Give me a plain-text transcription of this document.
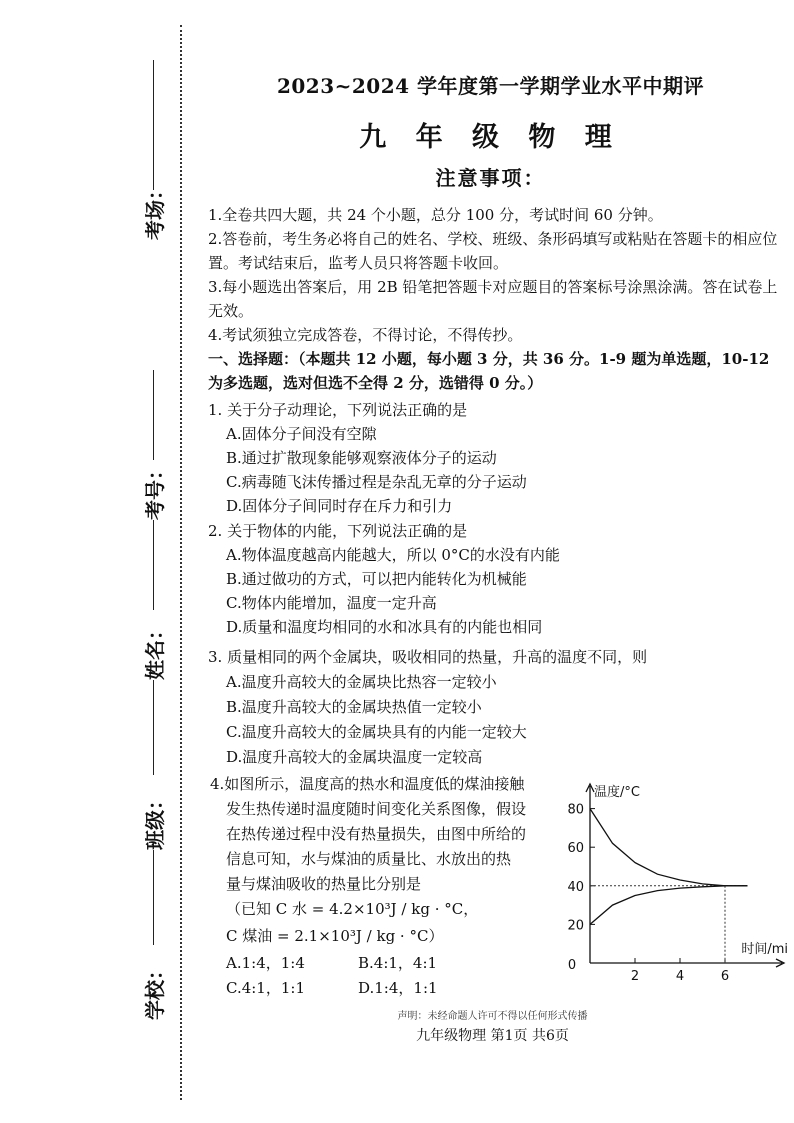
考场：
考号：
姓名：
班级：
学校：
2023~2024 学年度第一学期学业水平中期评
九 年 级 物 理
注意事项：
1.全卷共四大题，共 24 个小题，总分 100 分，考试时间 60 分钟。
2.答卷前，考生务必将自己的姓名、学校、班级、条形码填写或粘贴在答题卡的相应位置。考试结束后，监考人员只将答题卡收回。
3.每小题选出答案后，用 2B 铅笔把答题卡对应题目的答案标号涂黑涂满。答在试卷上无效。
4.考试须独立完成答卷，不得讨论，不得传抄。
一、选择题：（本题共 12 小题，每小题 3 分，共 36 分。1-9 题为单选题，10-12 为多选题，选对但选不全得 2 分，选错得 0 分。）
1. 关于分子动理论，下列说法正确的是
A.固体分子间没有空隙
B.通过扩散现象能够观察液体分子的运动
C.病毒随飞沫传播过程是杂乱无章的分子运动
D.固体分子间同时存在斥力和引力
2. 关于物体的内能，下列说法正确的是
A.物体温度越高内能越大，所以 0°C的水没有内能
B.通过做功的方式，可以把内能转化为机械能
C.物体内能增加，温度一定升高
D.质量和温度均相同的水和冰具有的内能也相同
3. 质量相同的两个金属块，吸收相同的热量，升高的温度不同，则
A.温度升高较大的金属块比热容一定较小
B.温度升高较大的金属块热值一定较小
C.温度升高较大的金属块具有的内能一定较大
D.温度升高较大的金属块温度一定较高
4.如图所示，温度高的热水和温度低的煤油接触
发生热传递时温度随时间变化关系图像，假设
在热传递过程中没有热量损失，由图中所给的
信息可知，水与煤油的质量比、水放出的热
量与煤油吸收的热量比分别是
（已知 C 水 = 4.2×10³J / kg · °C，
C 煤油 = 2.1×10³J / kg · °C）
A.1:4，1:4	B.4:1，4:1
C.4:1，1:1	D.1:4，1:1
80
60
40
20
2	4	6
0
温度/°C
时间/mi
声明：未经命题人许可不得以任何形式传播
九年级物理 第1页 共6页
